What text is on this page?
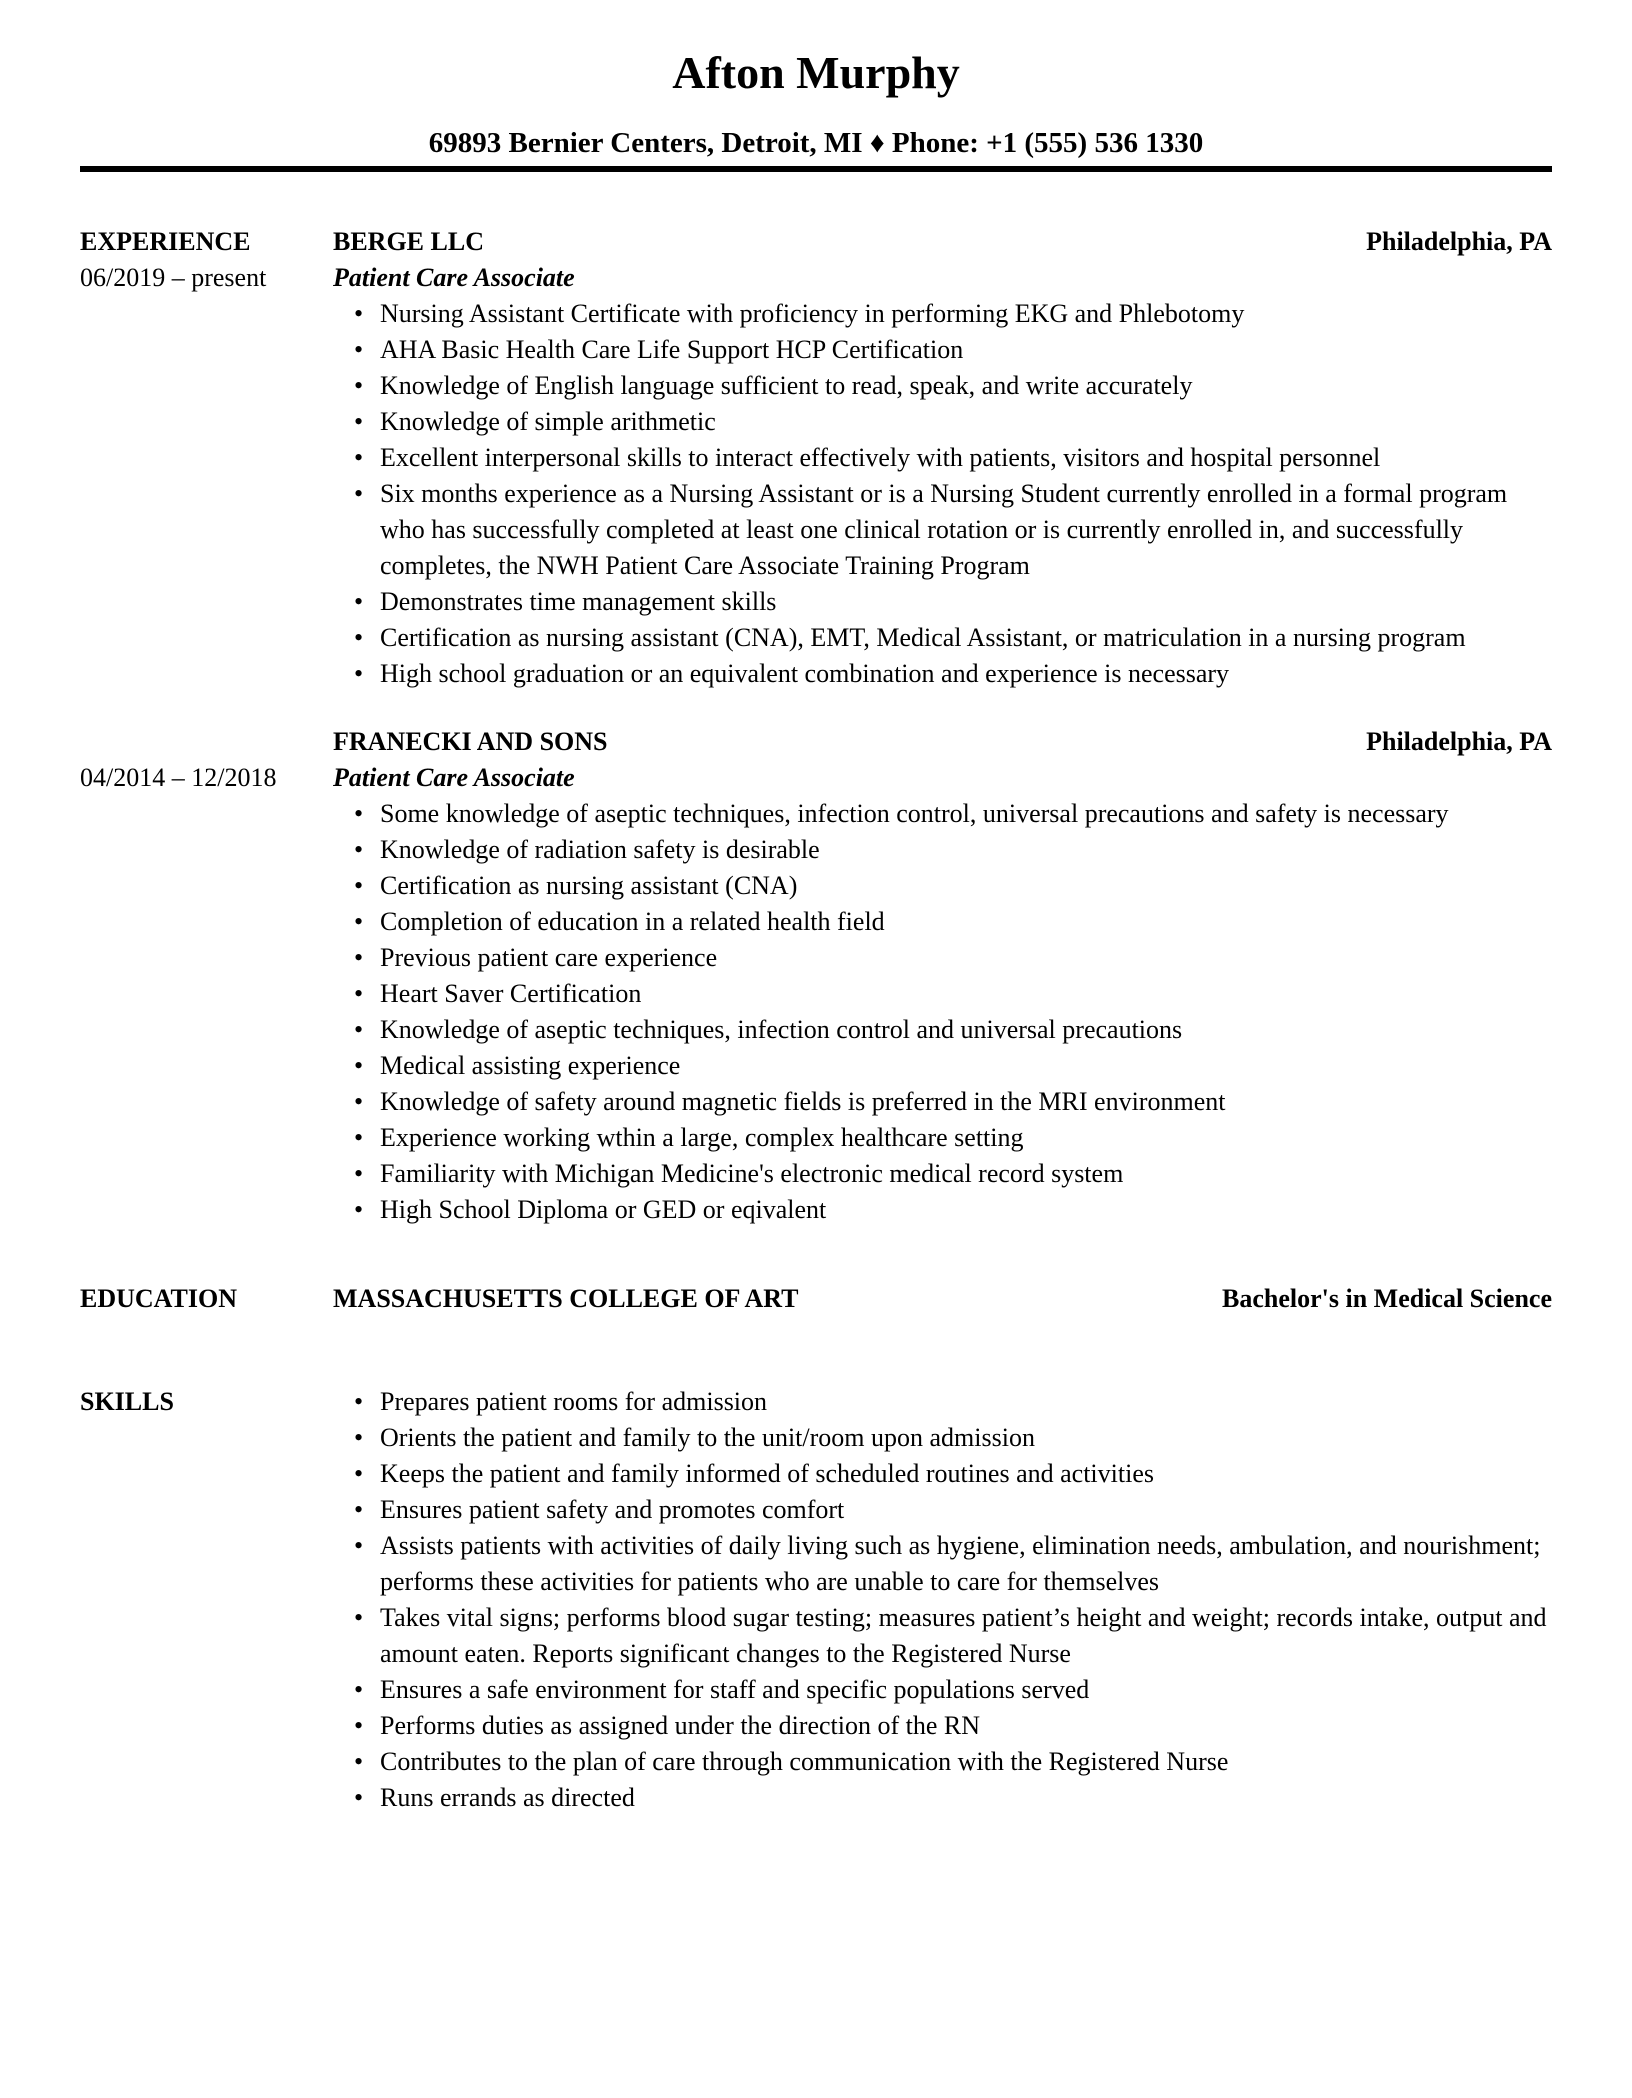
Afton Murphy
69893 Bernier Centers, Detroit, MI ♦ Phone: +1 (555) 536 1330
EXPERIENCE
06/2019 – present
BERGE LLC	Philadelphia, PA
Patient Care Associate
• Nursing Assistant Certificate with proficiency in performing EKG and Phlebotomy
• AHA Basic Health Care Life Support HCP Certification
• Knowledge of English language sufficient to read, speak, and write accurately
• Knowledge of simple arithmetic
• Excellent interpersonal skills to interact effectively with patients, visitors and hospital personnel
• Six months experience as a Nursing Assistant or is a Nursing Student currently enrolled in a formal program who has successfully completed at least one clinical rotation or is currently enrolled in, and successfully completes, the NWH Patient Care Associate Training Program
• Demonstrates time management skills
• Certification as nursing assistant (CNA), EMT, Medical Assistant, or matriculation in a nursing program
• High school graduation or an equivalent combination and experience is necessary
04/2014 – 12/2018
FRANECKI AND SONS	Philadelphia, PA
Patient Care Associate
• Some knowledge of aseptic techniques, infection control, universal precautions and safety is necessary
• Knowledge of radiation safety is desirable
• Certification as nursing assistant (CNA)
• Completion of education in a related health field
• Previous patient care experience
• Heart Saver Certification
• Knowledge of aseptic techniques, infection control and universal precautions
• Medical assisting experience
• Knowledge of safety around magnetic fields is preferred in the MRI environment
• Experience working wthin a large, complex healthcare setting
• Familiarity with Michigan Medicine's electronic medical record system
• High School Diploma or GED or eqivalent
EDUCATION	MASSACHUSETTS COLLEGE OF ART	Bachelor's in Medical Science
SKILLS	• Prepares patient rooms for admission
• Orients the patient and family to the unit/room upon admission
• Keeps the patient and family informed of scheduled routines and activities
• Ensures patient safety and promotes comfort
• Assists patients with activities of daily living such as hygiene, elimination needs, ambulation, and nourishment; performs these activities for patients who are unable to care for themselves
• Takes vital signs; performs blood sugar testing; measures patient’s height and weight; records intake, output and amount eaten. Reports significant changes to the Registered Nurse
• Ensures a safe environment for staff and specific populations served
• Performs duties as assigned under the direction of the RN
• Contributes to the plan of care through communication with the Registered Nurse
• Runs errands as directed
